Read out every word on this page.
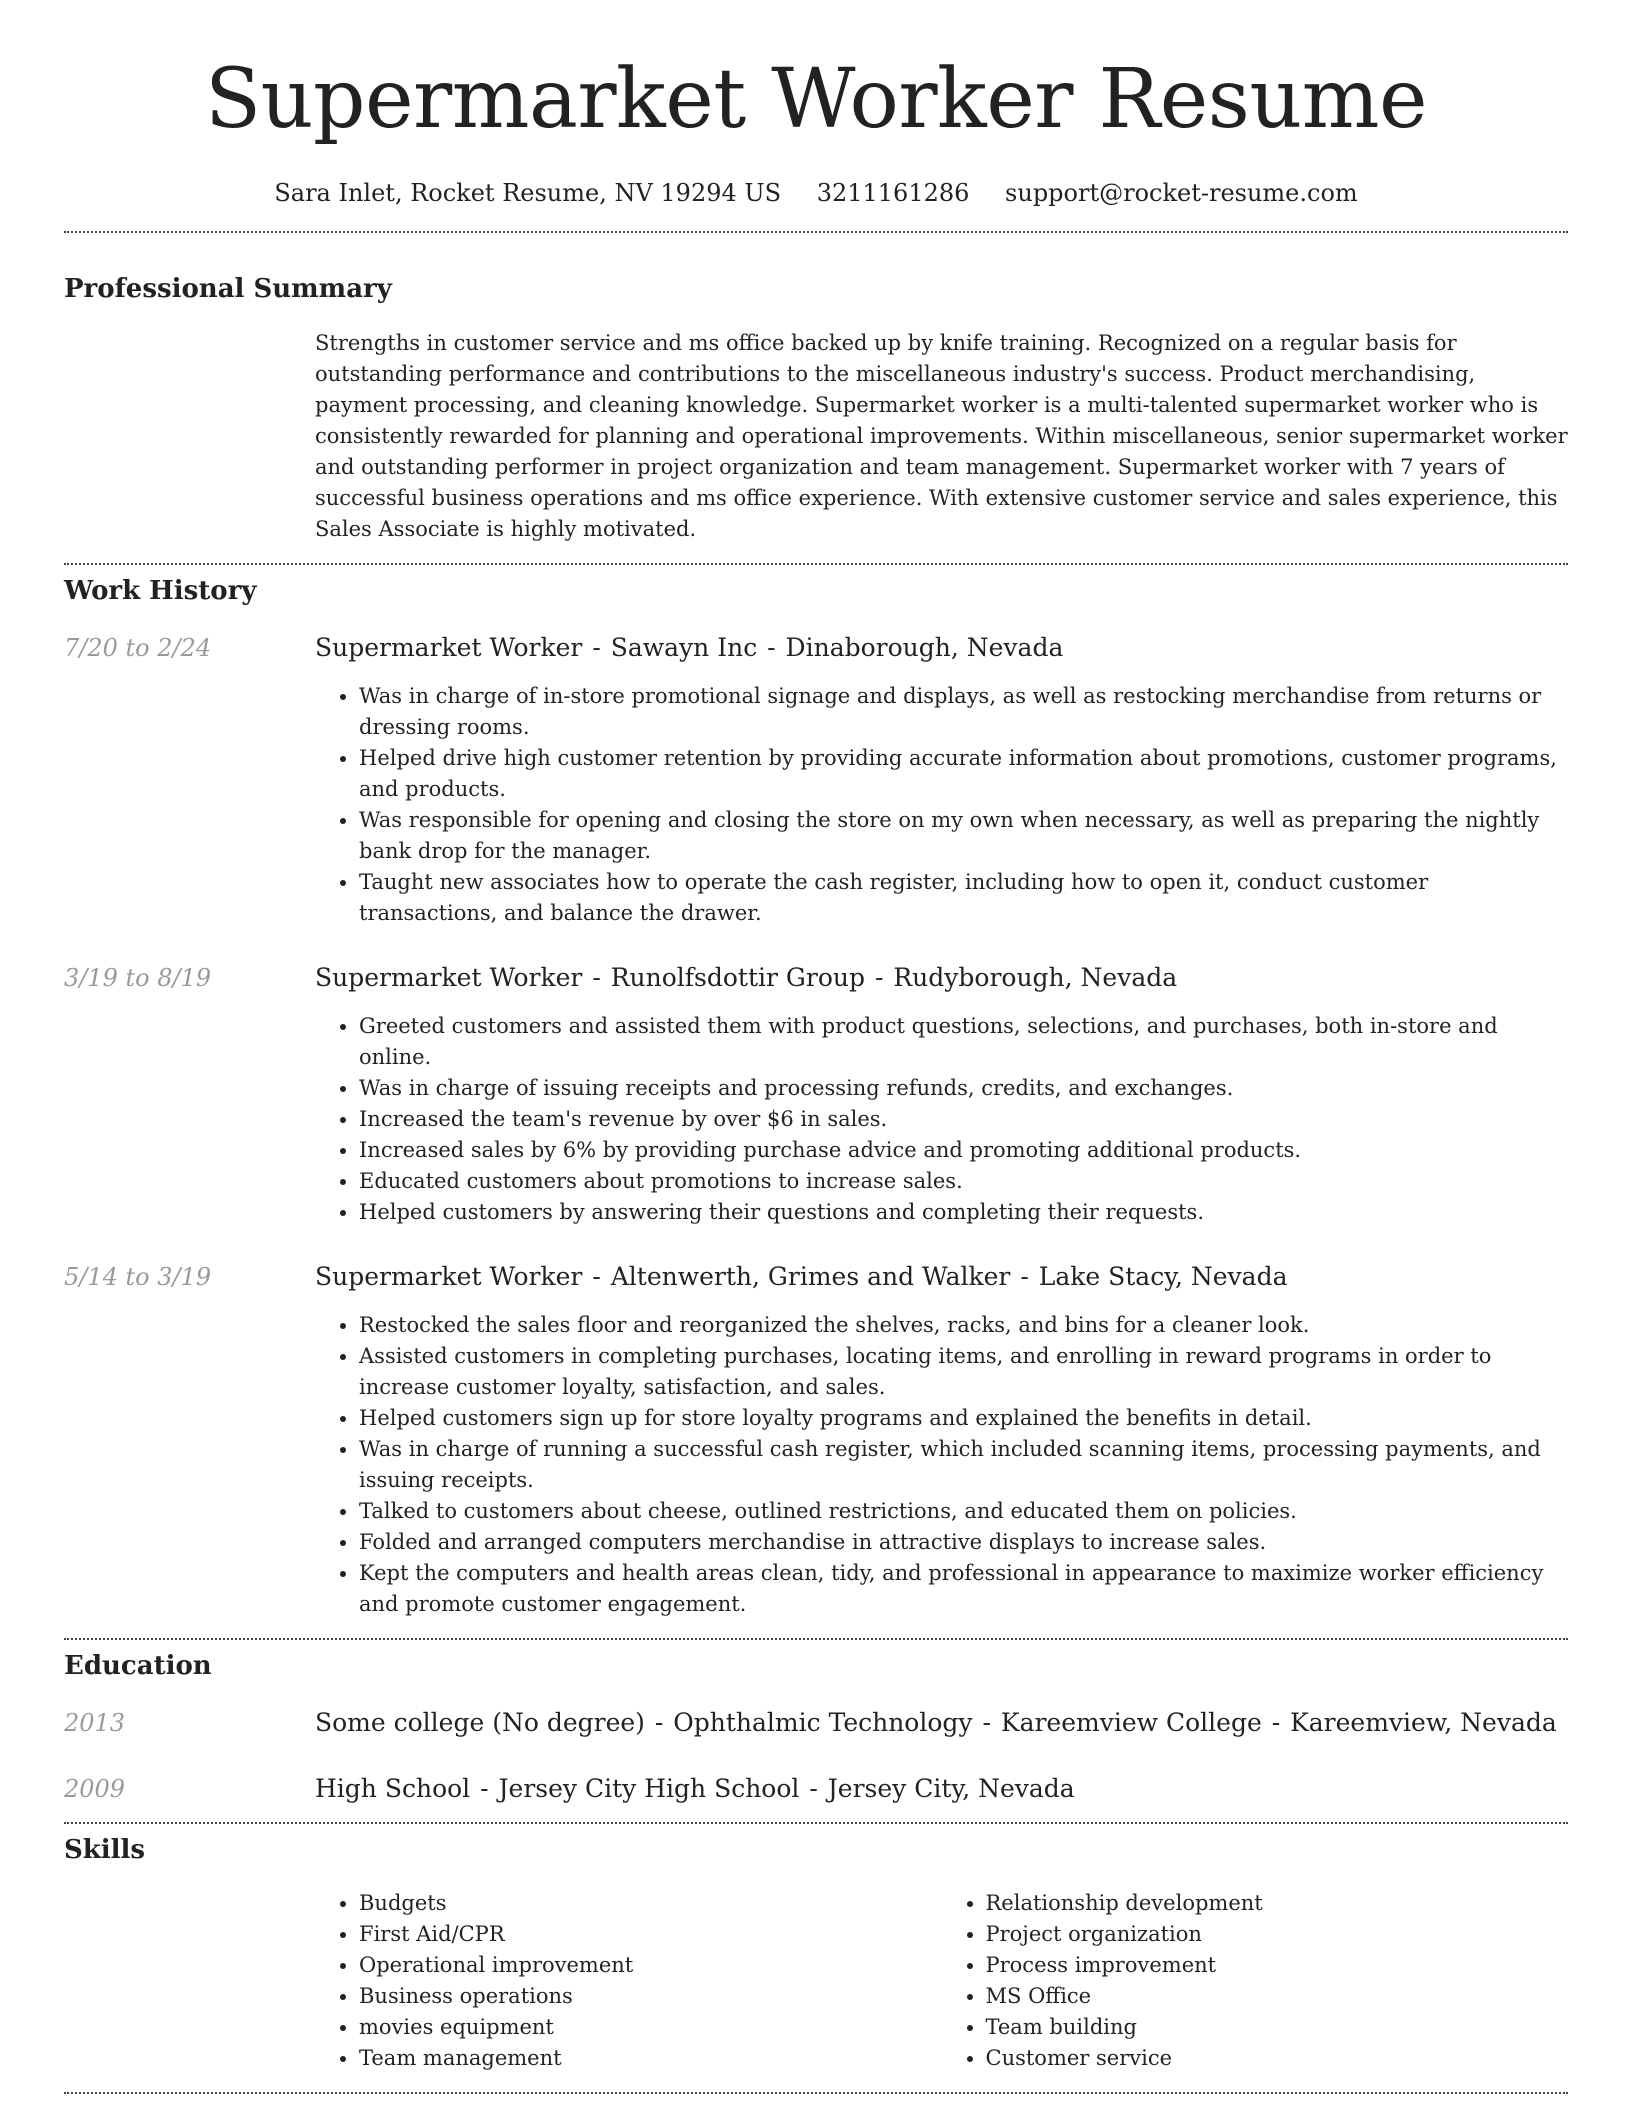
Supermarket Worker Resume
Sara Inlet, Rocket Resume, NV 19294 US 3211161286 support@rocket-resume.com
Professional Summary

Strengths in customer service and ms office backed up by knife training. Recognized on a regular basis for outstanding performance and contributions to the miscellaneous industry's success. Product merchandising, payment processing, and cleaning knowledge. Supermarket worker is a multi-talented supermarket worker who is consistently rewarded for planning and operational improvements. Within miscellaneous, senior supermarket worker and outstanding performer in project organization and team management. Supermarket worker with 7 years of successful business operations and ms office experience. With extensive customer service and sales experience, this Sales Associate is highly motivated.

Work History
7/20 to 2/24	Supermarket Worker - Sawayn Inc - Dinaborough, Nevada
• Was in charge of in-store promotional signage and displays, as well as restocking merchandise from returns or dressing rooms.
• Helped drive high customer retention by providing accurate information about promotions, customer programs, and products.
• Was responsible for opening and closing the store on my own when necessary, as well as preparing the nightly bank drop for the manager.
• Taught new associates how to operate the cash register, including how to open it, conduct customer transactions, and balance the drawer.
3/19 to 8/19	Supermarket Worker - Runolfsdottir Group - Rudyborough, Nevada
• Greeted customers and assisted them with product questions, selections, and purchases, both in-store and online.
• Was in charge of issuing receipts and processing refunds, credits, and exchanges.
• Increased the team's revenue by over $6 in sales.
• Increased sales by 6% by providing purchase advice and promoting additional products.
• Educated customers about promotions to increase sales.
• Helped customers by answering their questions and completing their requests.
5/14 to 3/19	Supermarket Worker - Altenwerth, Grimes and Walker - Lake Stacy, Nevada
• Restocked the sales floor and reorganized the shelves, racks, and bins for a cleaner look.
• Assisted customers in completing purchases, locating items, and enrolling in reward programs in order to increase customer loyalty, satisfaction, and sales.
• Helped customers sign up for store loyalty programs and explained the benefits in detail.
• Was in charge of running a successful cash register, which included scanning items, processing payments, and issuing receipts.
• Talked to customers about cheese, outlined restrictions, and educated them on policies.
• Folded and arranged computers merchandise in attractive displays to increase sales.
• Kept the computers and health areas clean, tidy, and professional in appearance to maximize worker efficiency and promote customer engagement.
Education
2013	Some college (No degree) - Ophthalmic Technology - Kareemview College - Kareemview, Nevada
2009	High School - Jersey City High School - Jersey City, Nevada
Skills
• Budgets
• First Aid/CPR
• Operational improvement
• Business operations
• movies equipment
• Team management
• Relationship development
• Project organization
• Process improvement
• MS Office
• Team building
• Customer service
